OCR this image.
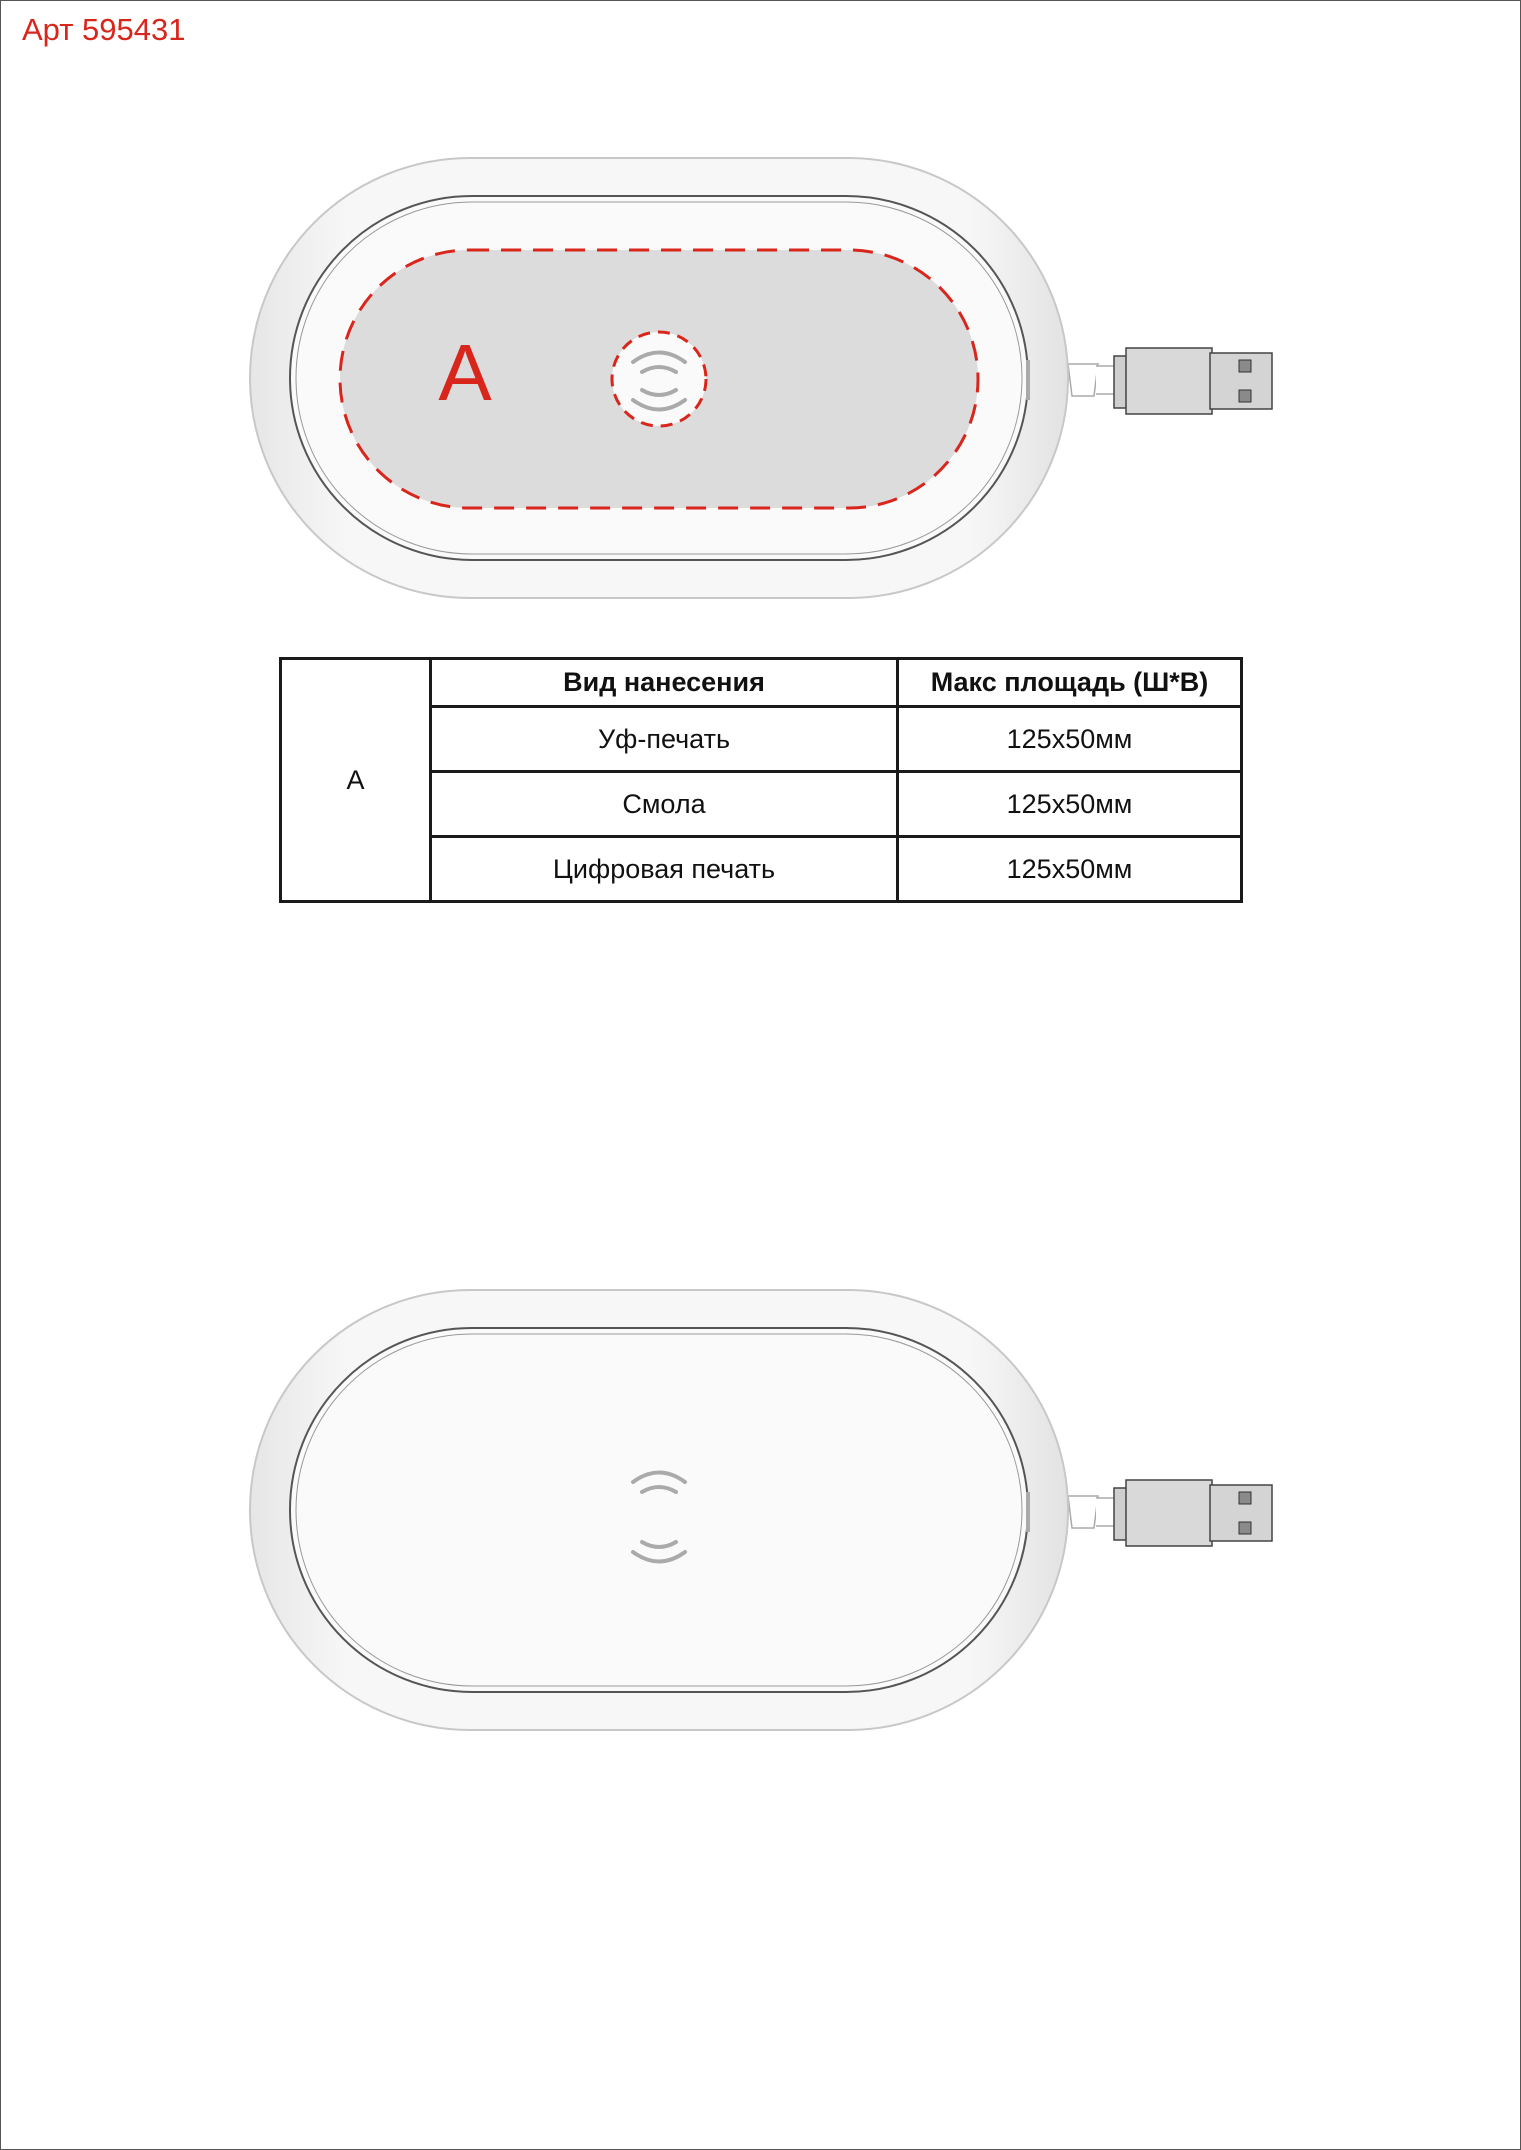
Арт 595431
A
A	Вид нанесения	Макс площадь (Ш*В)
	Уф-печать	125x50мм
	Смола	125x50мм
	Цифровая печать	125x50мм
